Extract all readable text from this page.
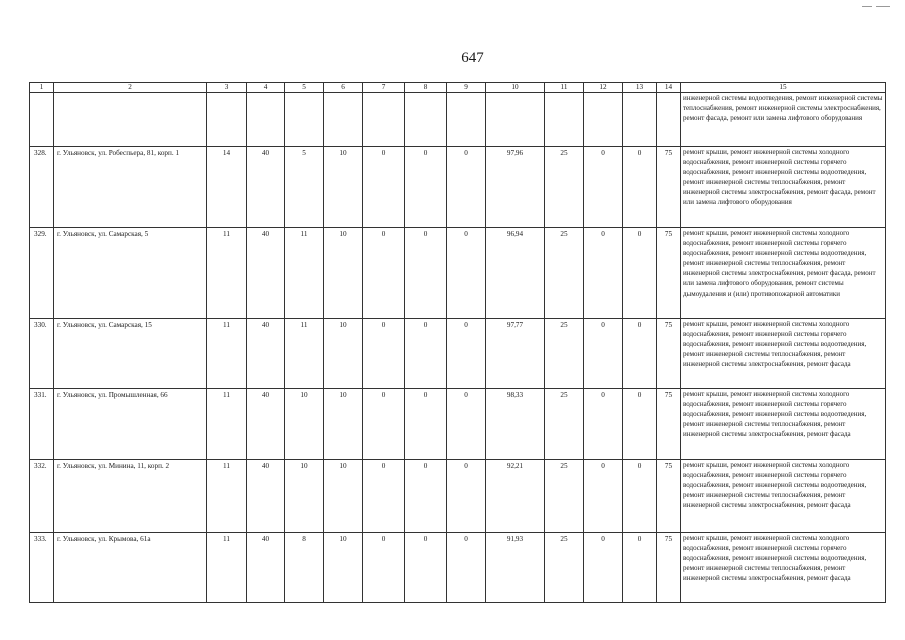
647
1	2	3	4	5	6	7	8	9	10	11	12	13	14	15
														инженерной системы водоотведения, ремонт инженерной системы теплоснабжения, ремонт инженерной системы электроснабжения, ремонт фасада, ремонт или замена лифтового оборудования
328.	г. Ульяновск, ул. Робеспьера, 81, корп. 1	14	40	5	10	0	0	0	97,96	25	0	0	75	ремонт крыши, ремонт инженерной системы холодного водоснабжения, ремонт инженерной системы горячего водоснабжения, ремонт инженерной системы водоотведения, ремонт инженерной системы теплоснабжения, ремонт инженерной системы электроснабжения, ремонт фасада, ремонт или замена лифтового оборудования
329.	г. Ульяновск, ул. Самарская, 5	11	40	11	10	0	0	0	96,94	25	0	0	75	ремонт крыши, ремонт инженерной системы холодного водоснабжения, ремонт инженерной системы горячего водоснабжения, ремонт инженерной системы водоотведения, ремонт инженерной системы теплоснабжения, ремонт инженерной системы электроснабжения, ремонт фасада, ремонт или замена лифтового оборудования, ремонт системы дымоудаления и (или) противопожарной автоматики
330.	г. Ульяновск, ул. Самарская, 15	11	40	11	10	0	0	0	97,77	25	0	0	75	ремонт крыши, ремонт инженерной системы холодного водоснабжения, ремонт инженерной системы горячего водоснабжения, ремонт инженерной системы водоотведения, ремонт инженерной системы теплоснабжения, ремонт инженерной системы электроснабжения, ремонт фасада
331.	г. Ульяновск, ул. Промышленная, 66	11	40	10	10	0	0	0	98,33	25	0	0	75	ремонт крыши, ремонт инженерной системы холодного водоснабжения, ремонт инженерной системы горячего водоснабжения, ремонт инженерной системы водоотведения, ремонт инженерной системы теплоснабжения, ремонт инженерной системы электроснабжения, ремонт фасада
332.	г. Ульяновск, ул. Минина, 11, корп. 2	11	40	10	10	0	0	0	92,21	25	0	0	75	ремонт крыши, ремонт инженерной системы холодного водоснабжения, ремонт инженерной системы горячего водоснабжения, ремонт инженерной системы водоотведения, ремонт инженерной системы теплоснабжения, ремонт инженерной системы электроснабжения, ремонт фасада
333.	г. Ульяновск, ул. Крымова, 61а	11	40	8	10	0	0	0	91,93	25	0	0	75	ремонт крыши, ремонт инженерной системы холодного водоснабжения, ремонт инженерной системы горячего водоснабжения, ремонт инженерной системы водоотведения, ремонт инженерной системы теплоснабжения, ремонт инженерной системы электроснабжения, ремонт фасада
